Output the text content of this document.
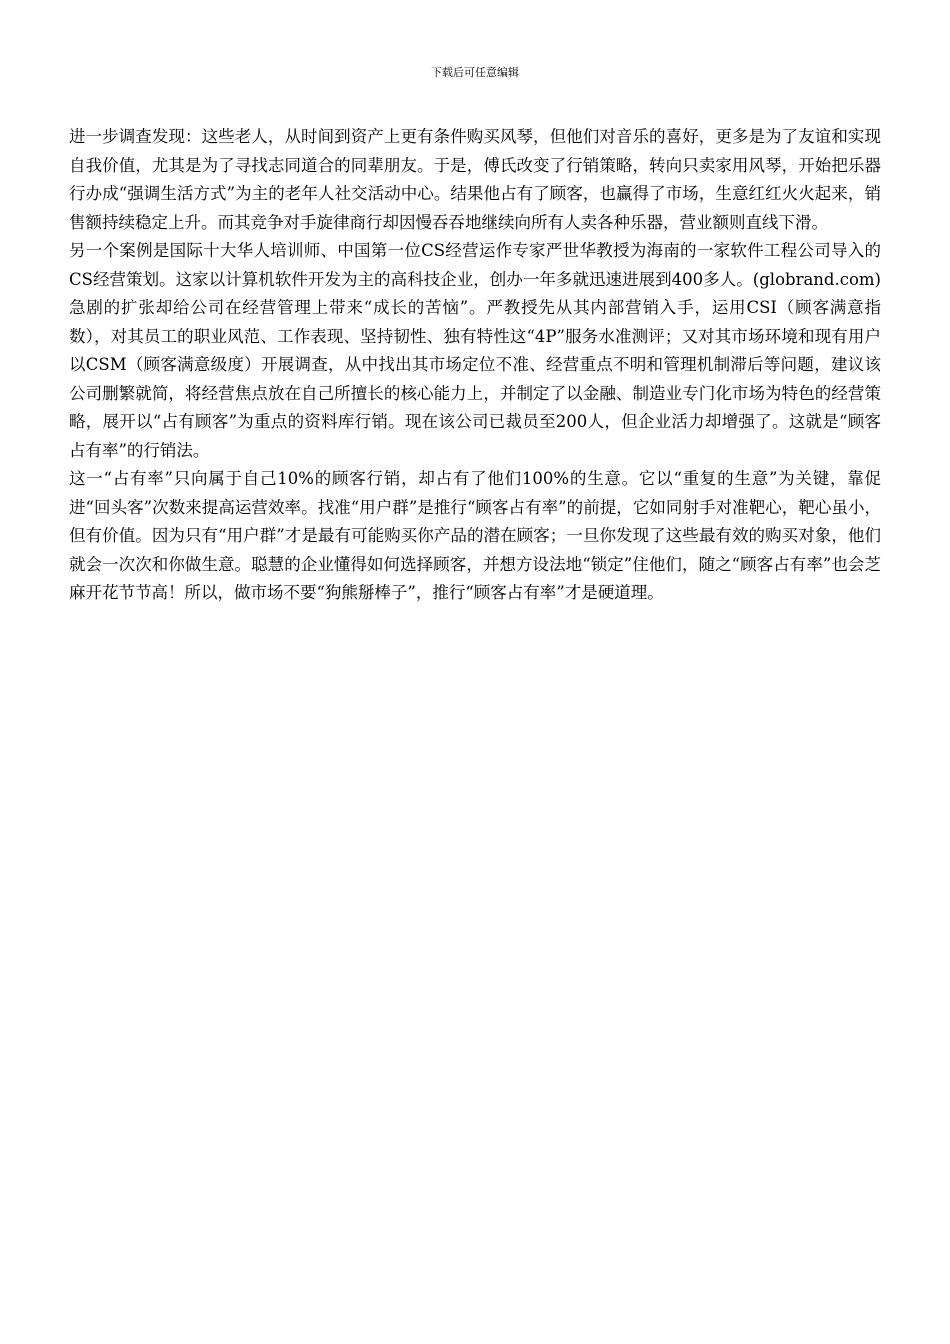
下载后可任意编辑

进一步调查发现：这些老人，从时间到资产上更有条件购买风琴，但他们对音乐的喜好，更多是为了友谊和实现自我价值，尤其是为了寻找志同道合的同辈朋友。于是，傅氏改变了行销策略，转向只卖家用风琴，开始把乐器行办成“强调生活方式”为主的老年人社交活动中心。结果他占有了顾客，也赢得了市场，生意红红火火起来，销售额持续稳定上升。而其竞争对手旋律商行却因慢吞吞地继续向所有人卖各种乐器，营业额则直线下滑。

另一个案例是国际十大华人培训师、中国第一位CS经营运作专家严世华教授为海南的一家软件工程公司导入的CS经营策划。这家以计算机软件开发为主的高科技企业，创办一年多就迅速进展到400多人。(globrand.com)急剧的扩张却给公司在经营管理上带来“成长的苦恼”。严教授先从其内部营销入手，运用CSI（顾客满意指数），对其员工的职业风范、工作表现、坚持韧性、独有特性这“4P”服务水准测评；又对其市场环境和现有用户以CSM（顾客满意级度）开展调查，从中找出其市场定位不准、经营重点不明和管理机制滞后等问题，建议该公司删繁就简，将经营焦点放在自己所擅长的核心能力上，并制定了以金融、制造业专门化市场为特色的经营策略，展开以“占有顾客”为重点的资料库行销。现在该公司已裁员至200人，但企业活力却增强了。这就是“顾客占有率”的行销法。

这一“占有率”只向属于自己10%的顾客行销，却占有了他们100%的生意。它以“重复的生意”为关键，靠促进“回头客”次数来提高运营效率。找准“用户群”是推行“顾客占有率”的前提，它如同射手对准靶心，靶心虽小，但有价值。因为只有“用户群”才是最有可能购买你产品的潜在顾客；一旦你发现了这些最有效的购买对象，他们就会一次次和你做生意。聪慧的企业懂得如何选择顾客，并想方设法地“锁定”住他们，随之“顾客占有率”也会芝麻开花节节高！所以，做市场不要“狗熊掰棒子”，推行“顾客占有率”才是硬道理。
